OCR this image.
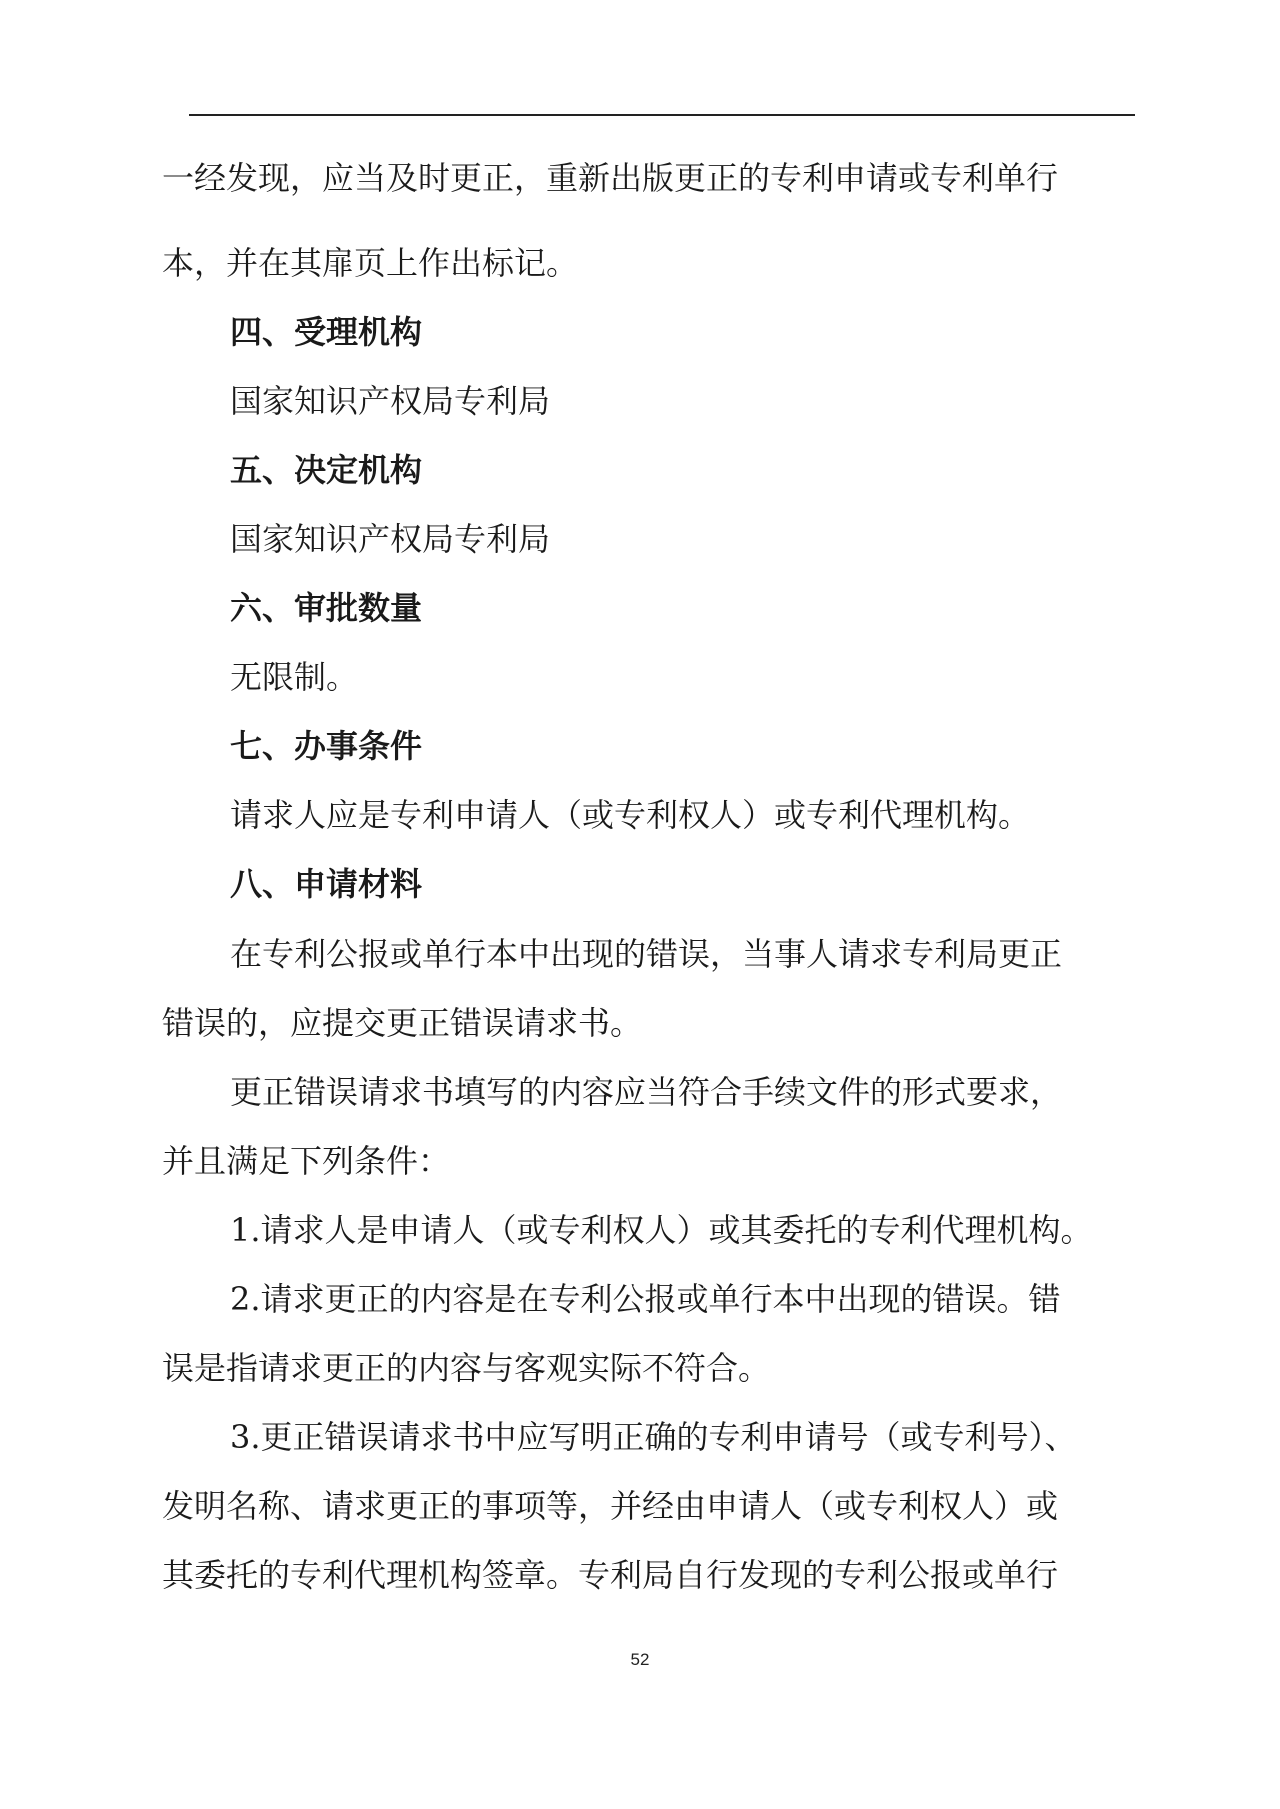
一经发现，应当及时更正，重新出版更正的专利申请或专利单行
本，并在其扉页上作出标记。
四、受理机构
国家知识产权局专利局
五、决定机构
国家知识产权局专利局
六、审批数量
无限制。
七、办事条件
请求人应是专利申请人（或专利权人）或专利代理机构。
八、申请材料
在专利公报或单行本中出现的错误，当事人请求专利局更正
错误的，应提交更正错误请求书。
更正错误请求书填写的内容应当符合手续文件的形式要求，
并且满足下列条件：
1.请求人是申请人（或专利权人）或其委托的专利代理机构。
2.请求更正的内容是在专利公报或单行本中出现的错误。错
误是指请求更正的内容与客观实际不符合。
3.更正错误请求书中应写明正确的专利申请号（或专利号）、
发明名称、请求更正的事项等，并经由申请人（或专利权人）或
其委托的专利代理机构签章。专利局自行发现的专利公报或单行
52
